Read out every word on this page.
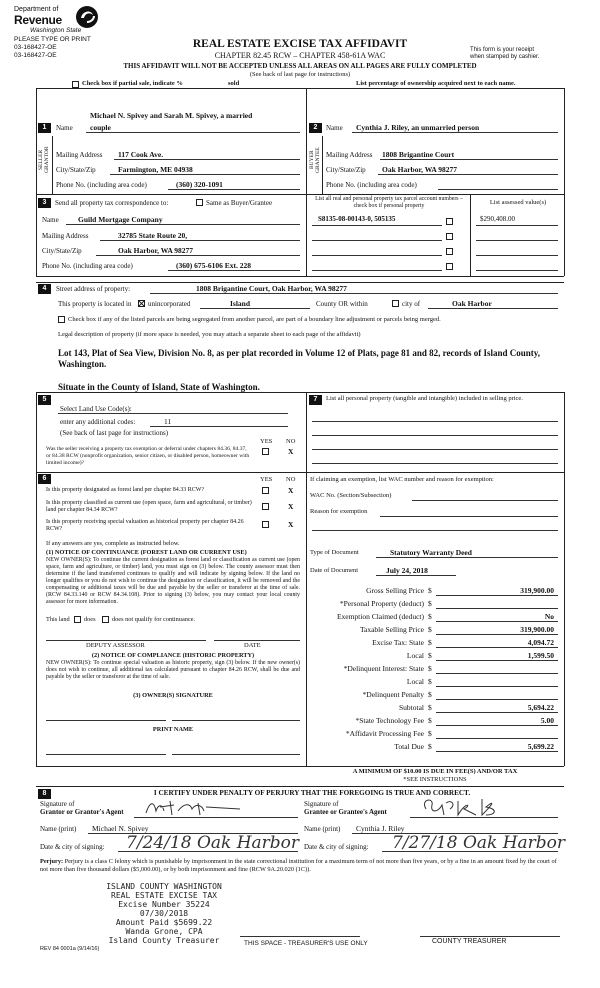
Department of
Revenue
Washington State
PLEASE TYPE OR PRINT
03-168427-OE
03-168427-OE
REAL ESTATE EXCISE TAX AFFIDAVIT
CHAPTER 82.45 RCW – CHAPTER 458-61A WAC
This form is your receipt
when stamped by cashier.
THIS AFFIDAVIT WILL NOT BE ACCEPTED UNLESS ALL AREAS ON ALL PAGES ARE FULLY COMPLETED
(See back of last page for instructions)
Check box if partial sale, indicate %	sold	List percentage of ownership acquired next to each name.
1	Name
Michael N. Spivey and Sarah M. Spivey, a married
couple
SELLER GRANTOR Mailing Address 117 Cook Ave.
City/State/Zip	Farmington, ME 04938
Phone No. (including area code)	(360) 320-1091
2	Name Cynthia J. Riley, an unmarried person
BUYER GRANTEE Mailing Address 1808 Brigantine Court
City/State/Zip Oak Harbor, WA 98277
Phone No. (including area code)
3	Send all property tax correspondence to:	Same as Buyer/Grantee
Name	Guild Mortgage Company
Mailing Address	32785 State Route 20,
City/State/Zip	Oak Harbor, WA 98277
Phone No. (including area code)	(360) 675-6106 Ext. 228
List all real and personal property tax parcel account numbers – check box if personal property	List assessed value(s)
S8135-08-00143-0, 505135	$290,408.00
4	Street address of property:	1808 Brigantine Court, Oak Harbor, WA 98277
This property is located in unincorporated	Island	County OR within	city of	Oak Harbor
Check box if any of the listed parcels are being segregated from another parcel, are part of a boundary line adjustment or parcels being merged.
Legal description of property (if more space is needed, you may attach a separate sheet to each page of the affidavit)
Lot 143, Plat of Sea View, Division No. 8, as per plat recorded in Volume 12 of Plats, page 81 and 82, records of Island County, Washington.
Situate in the County of Island, State of Washington.
5
Select Land Use Code(s):
enter any additional codes:	11
(See back of last page for instructions)
YES NO
Was the seller receiving a property tax exemption or deferral under chapters 84.36, 84.37, or 84.38 RCW (nonprofit organization, senior citizen, or disabled person, homeowner with limited income)?
X
6	YES NO
Is this property designated as forest land per chapter 84.33 RCW?	X
Is this property classified as current use (open space, farm and agricultural, or timber) land per chapter 84.34 RCW?	X
Is this property receiving special valuation as historical property per chapter 84.26 RCW?	X
If any answers are yes, complete as instructed below.
(1) NOTICE OF CONTINUANCE (FOREST LAND OR CURRENT USE)
NEW OWNER(S): To continue the current designation as forest land or classification as current use (open space, farm and agriculture, or timber) land, you must sign on (3) below. The county assessor must then determine if the land transferred continues to qualify and will indicate by signing below. If the land no longer qualifies or you do not wish to continue the designation or classification, it will be removed and the compensating or additional taxes will be due and payable by the seller or transferor at the time of sale. (RCW 84.33.140 or RCW 84.34.108). Prior to signing (3) below, you may contact your local county assessor for more information.
This land does	does not qualify for continuance.
DEPUTY ASSESSOR	DATE
(2) NOTICE OF COMPLIANCE (HISTORIC PROPERTY)
NEW OWNER(S): To continue special valuation as historic property, sign (3) below. If the new owner(s) does not wish to continue, all additional tax calculated pursuant to chapter 84.26 RCW, shall be due and payable by the seller or transferor at the time of sale.
(3) OWNER(S) SIGNATURE
PRINT NAME
7	List all personal property (tangible and intangible) included in selling price.
If claiming an exemption, list WAC number and reason for exemption:
WAC No. (Section/Subsection)
Reason for exemption
Type of Document	Statutory Warranty Deed
Date of Document	July 24, 2018
Gross Selling Price $	319,900.00
*Personal Property (deduct) $
Exemption Claimed (deduct) $	No
Taxable Selling Price $	319,900.00
Excise Tax: State $	4,094.72
Local $	1,599.50
*Delinquent Interest: State $
Local $
*Delinquent Penalty $
Subtotal $	5,694.22
*State Technology Fee $	5.00
*Affidavit Processing Fee $
Total Due $	5,699.22
A MINIMUM OF $10.00 IS DUE IN FEE(S) AND/OR TAX
*SEE INSTRUCTIONS
8	I CERTIFY UNDER PENALTY OF PERJURY THAT THE FOREGOING IS TRUE AND CORRECT.
Signature of
Grantor or Grantor's Agent
Name (print) Michael N. Spivey
Date & city of signing: 7/24/18 Oak Harbor
Signature of
Grantee or Grantee's Agent
Name (print) Cynthia J. Riley
Date & city of signing: 7/27/18 Oak Harbor
Perjury: Perjury is a class C felony which is punishable by imprisonment in the state correctional institution for a maximum term of not more than five years, or by a fine in an amount fixed by the court of not more than five thousand dollars ($5,000.00), or by both imprisonment and fine (RCW 9A.20.020 (1C)).
ISLAND COUNTY WASHINGTON
REAL ESTATE EXCISE TAX
Excise Number 35224
07/30/2018
Amount Paid $5699.22
Wanda Grone, CPA
Island County Treasurer
REV 84 0001a (9/14/16)
THIS SPACE - TREASURER'S USE ONLY	COUNTY TREASURER
